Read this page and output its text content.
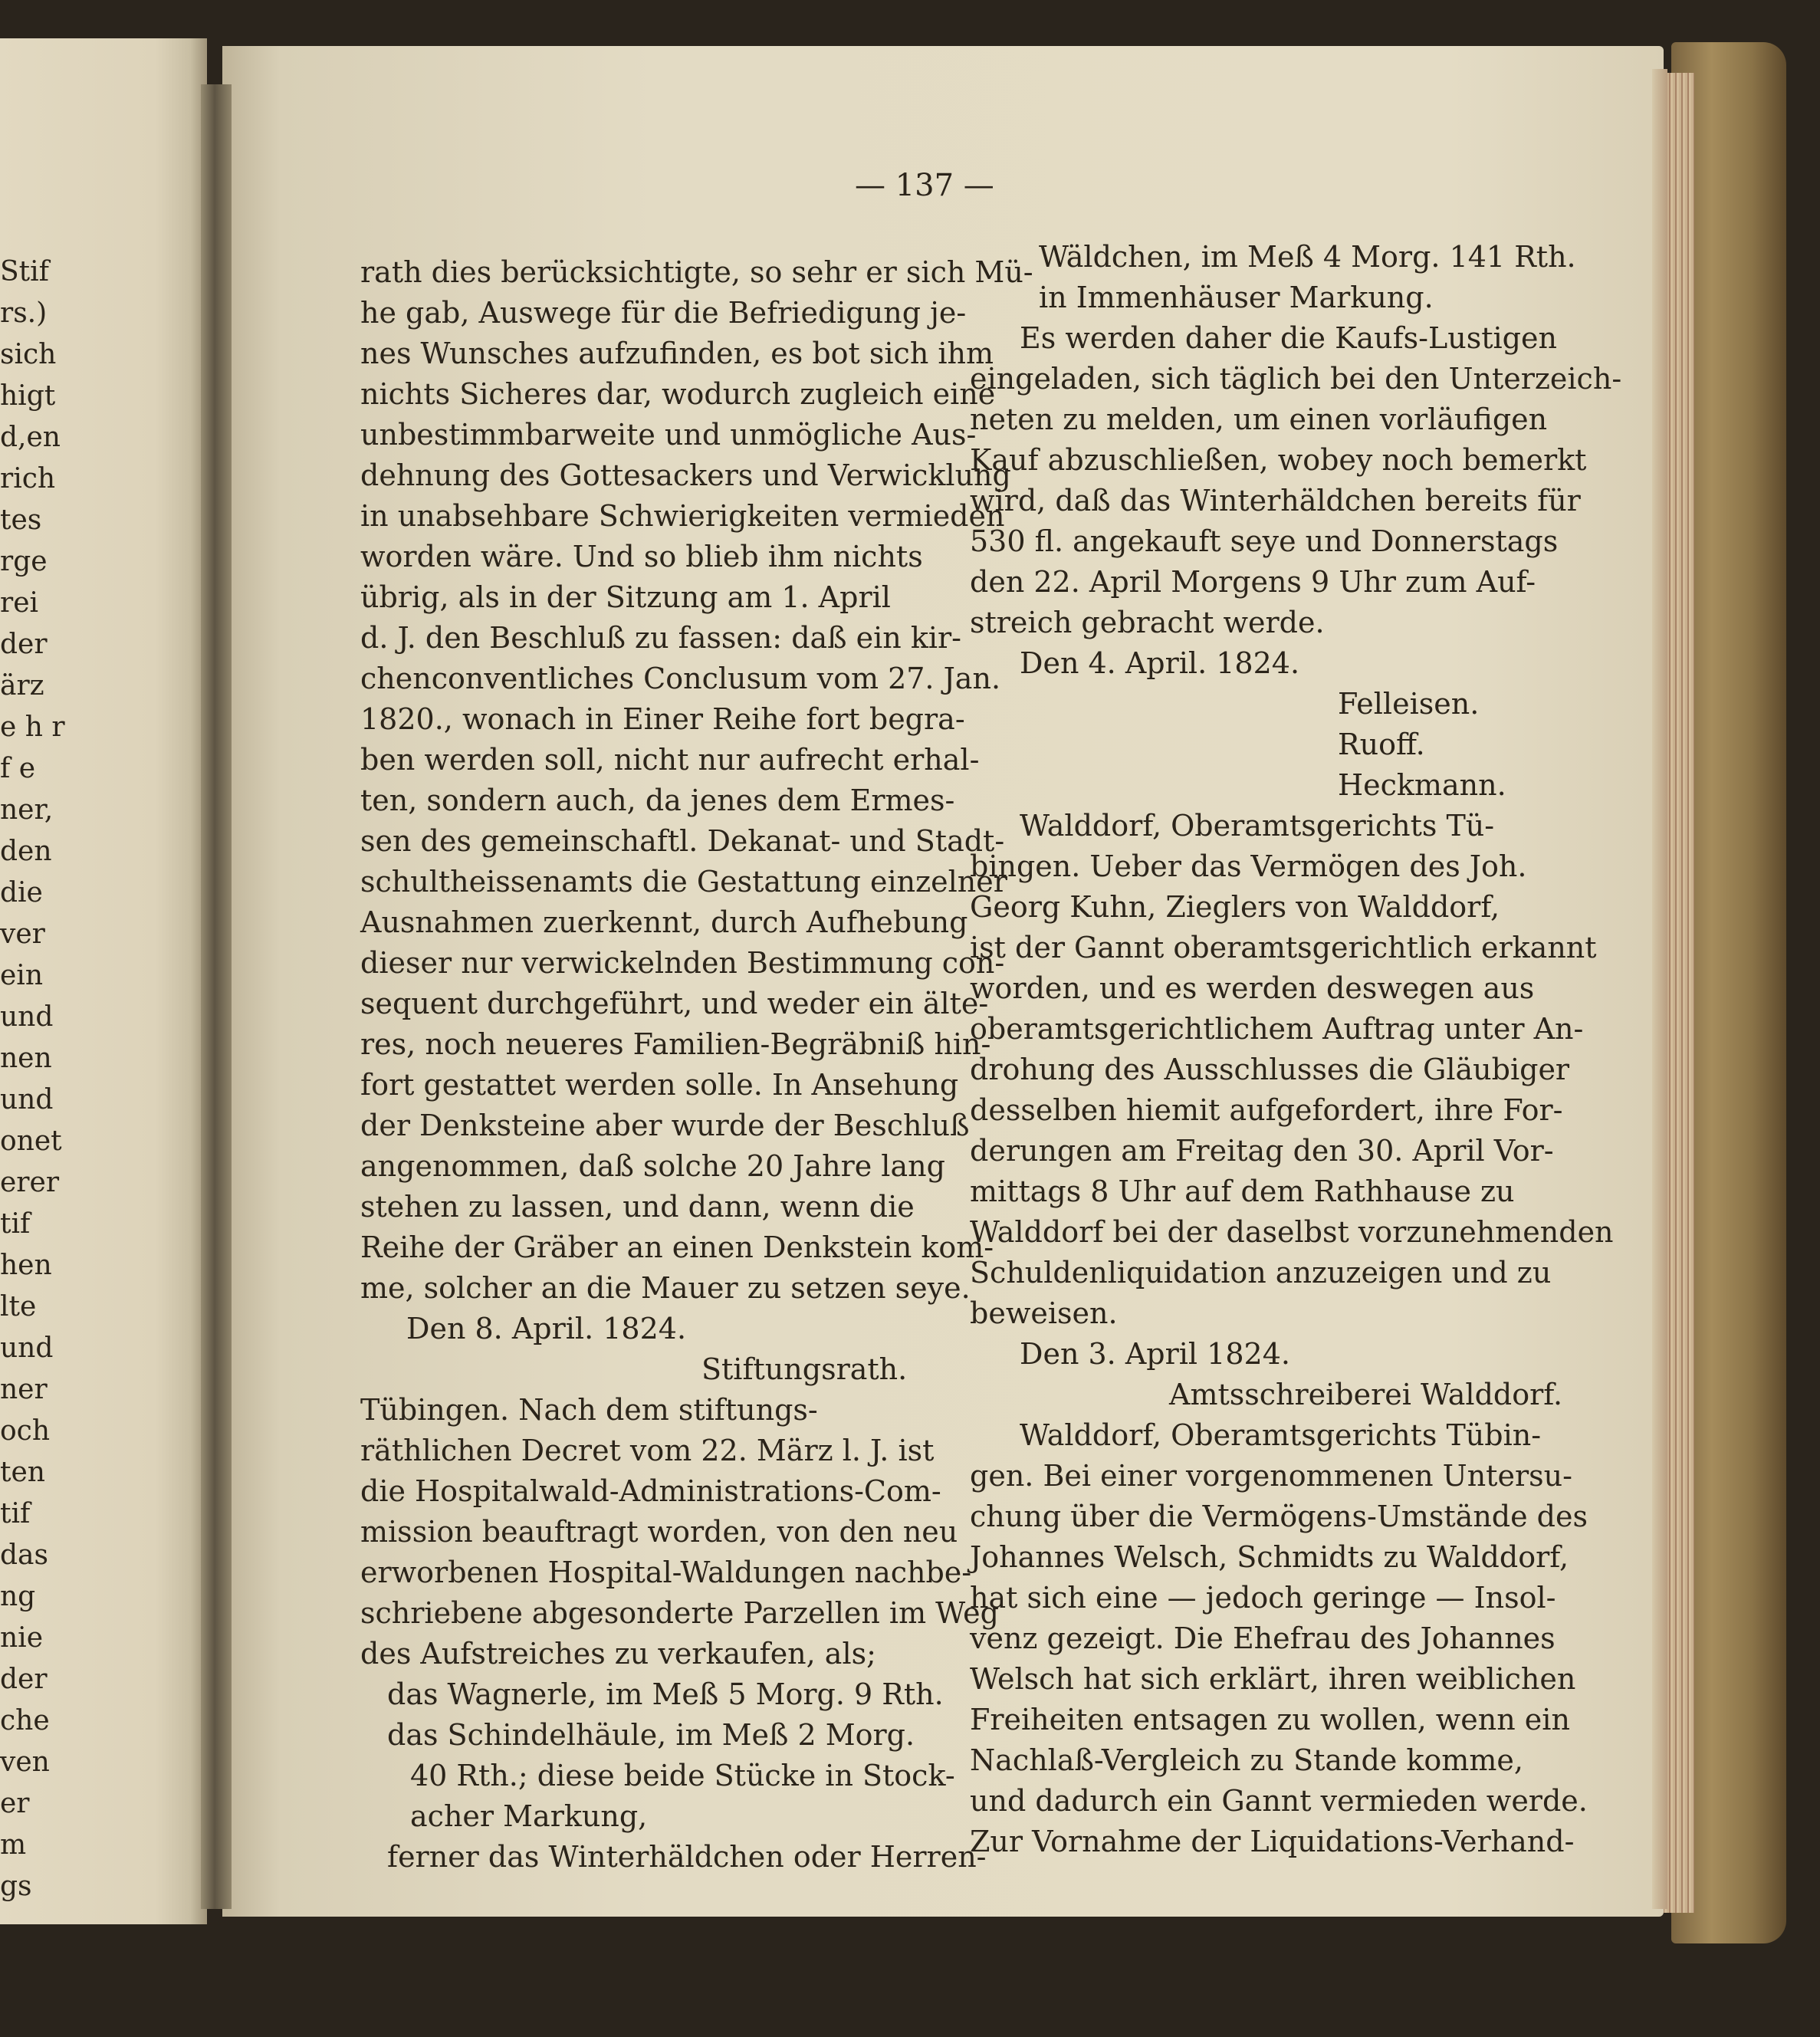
— 137 —

Stif

rs.)

sich

higt

d,en

rich

tes

rge

rei

der

ärz

e h r

f e

ner,

den

die

ver

ein

und

nen

und

onet

erer

tif

hen

lte

und

ner

och

ten

tif

das

ng

nie

der

che

ven

er

m

gs

rath dies berücksichtigte, so sehr er sich Mü-

he gab, Auswege für die Befriedigung je-

nes Wunsches aufzufinden, es bot sich ihm

nichts Sicheres dar, wodurch zugleich eine

unbestimmbarweite und unmögliche Aus-

dehnung des Gottesackers und Verwicklung

in unabsehbare Schwierigkeiten vermieden

worden wäre. Und so blieb ihm nichts

übrig, als in der Sitzung am 1. April

d. J. den Beschluß zu fassen: daß ein kir-

chenconventliches Conclusum vom 27. Jan.

1820., wonach in Einer Reihe fort begra-

ben werden soll, nicht nur aufrecht erhal-

ten, sondern auch, da jenes dem Ermes-

sen des gemeinschaftl. Dekanat- und Stadt-

schultheissenamts die Gestattung einzelner

Ausnahmen zuerkennt, durch Aufhebung

dieser nur verwickelnden Bestimmung con-

sequent durchgeführt, und weder ein älte-

res, noch neueres Familien-Begräbniß hin-

fort gestattet werden solle. In Ansehung

der Denksteine aber wurde der Beschluß

angenommen, daß solche 20 Jahre lang

stehen zu lassen, und dann, wenn die

Reihe der Gräber an einen Denkstein kom-

me, solcher an die Mauer zu setzen seye.

Den 8. April. 1824.

Stiftungsrath.

Tübingen. Nach dem stiftungs-

räthlichen Decret vom 22. März l. J. ist

die Hospitalwald-Administrations-Com-

mission beauftragt worden, von den neu

erworbenen Hospital-Waldungen nachbe-

schriebene abgesonderte Parzellen im Weg

des Aufstreiches zu verkaufen, als;

das Wagnerle, im Meß 5 Morg. 9 Rth.

das Schindelhäule, im Meß 2 Morg.

40 Rth.; diese beide Stücke in Stock-

acher Markung,

ferner das Winterhäldchen oder Herren-

Wäldchen, im Meß 4 Morg. 141 Rth.

in Immenhäuser Markung.

Es werden daher die Kaufs-Lustigen

eingeladen, sich täglich bei den Unterzeich-

neten zu melden, um einen vorläufigen

Kauf abzuschließen, wobey noch bemerkt

wird, daß das Winterhäldchen bereits für

530 fl. angekauft seye und Donnerstags

den 22. April Morgens 9 Uhr zum Auf-

streich gebracht werde.

Den 4. April. 1824.

Felleisen.

Ruoff.

Heckmann.

Walddorf, Oberamtsgerichts Tü-

bingen. Ueber das Vermögen des Joh.

Georg Kuhn, Zieglers von Walddorf,

ist der Gannt oberamtsgerichtlich erkannt

worden, und es werden deswegen aus

oberamtsgerichtlichem Auftrag unter An-

drohung des Ausschlusses die Gläubiger

desselben hiemit aufgefordert, ihre For-

derungen am Freitag den 30. April Vor-

mittags 8 Uhr auf dem Rathhause zu

Walddorf bei der daselbst vorzunehmenden

Schuldenliquidation anzuzeigen und zu

beweisen.

Den 3. April 1824.

Amtsschreiberei Walddorf.

Walddorf, Oberamtsgerichts Tübin-

gen. Bei einer vorgenommenen Untersu-

chung über die Vermögens-Umstände des

Johannes Welsch, Schmidts zu Walddorf,

hat sich eine — jedoch geringe — Insol-

venz gezeigt. Die Ehefrau des Johannes

Welsch hat sich erklärt, ihren weiblichen

Freiheiten entsagen zu wollen, wenn ein

Nachlaß-Vergleich zu Stande komme,

und dadurch ein Gannt vermieden werde.

Zur Vornahme der Liquidations-Verhand-
